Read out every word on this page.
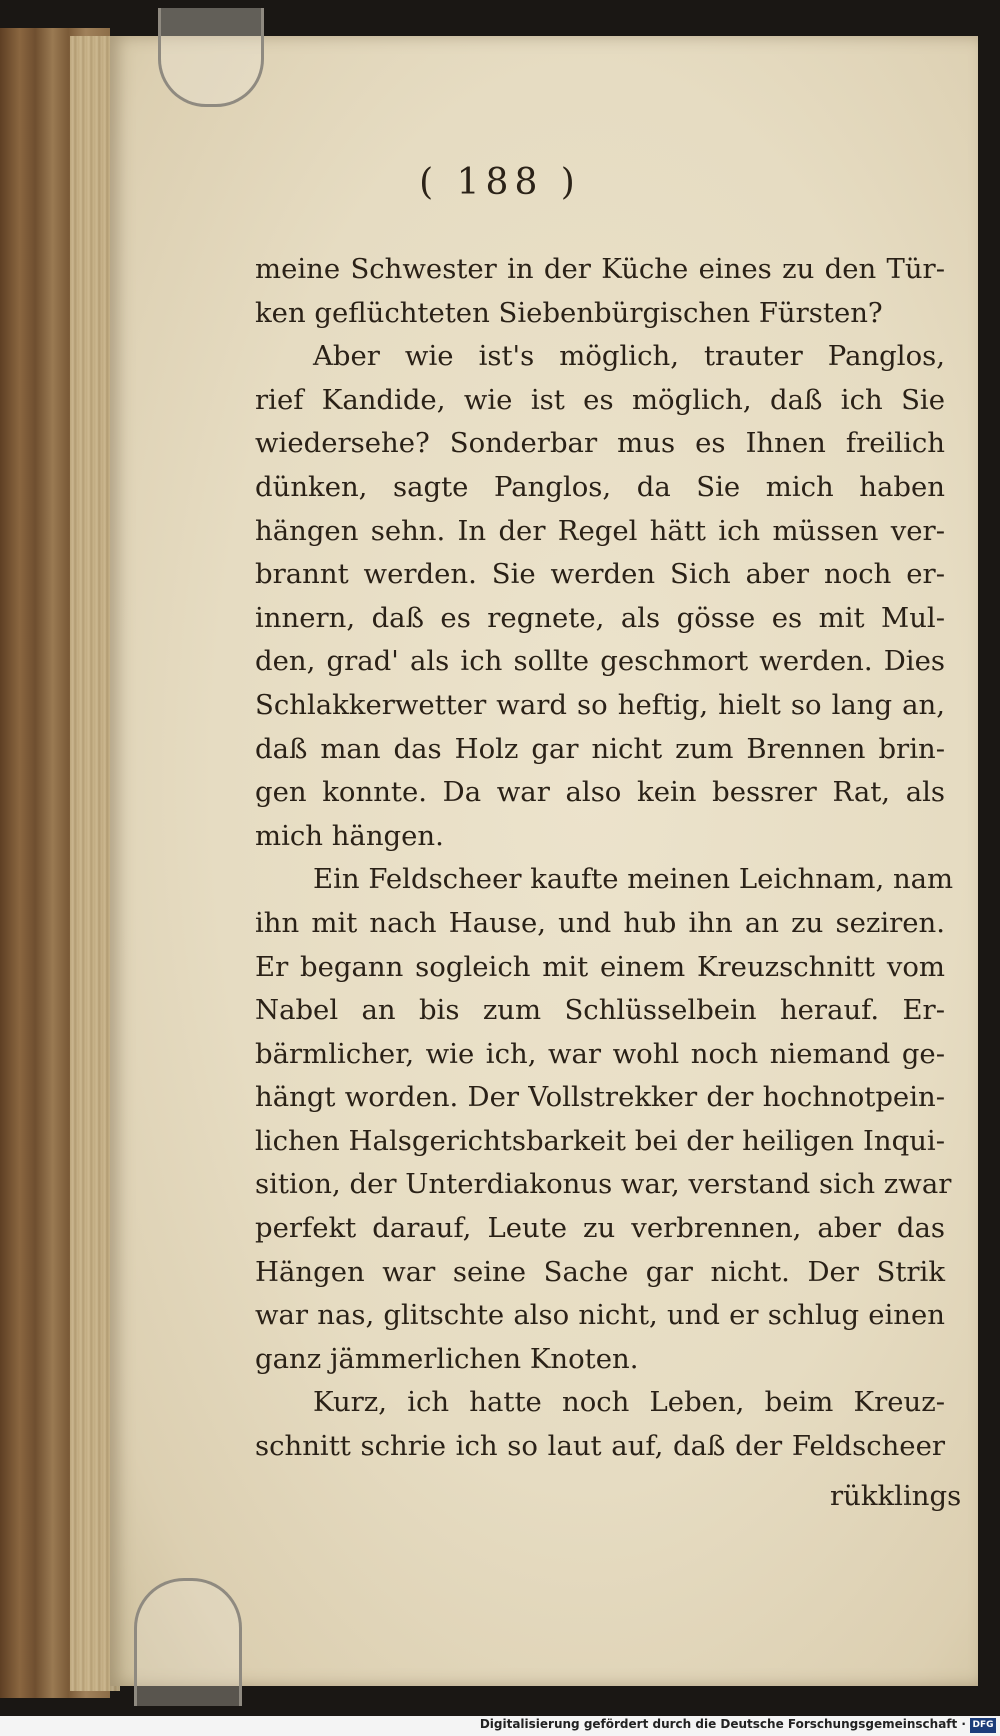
( 188 )
meine Schwester in der Küche eines zu den Tür-
ken geflüchteten Siebenbürgischen Fürsten?
Aber wie ist's möglich, trauter Panglos,
rief Kandide, wie ist es möglich, daß ich Sie
wiedersehe? Sonderbar mus es Ihnen freilich
dünken, sagte Panglos, da Sie mich haben
hängen sehn. In der Regel hätt ich müssen ver-
brannt werden. Sie werden Sich aber noch er-
innern, daß es regnete, als gösse es mit Mul-
den, grad' als ich sollte geschmort werden. Dies
Schlakkerwetter ward so heftig, hielt so lang an,
daß man das Holz gar nicht zum Brennen brin-
gen konnte. Da war also kein bessrer Rat, als
mich hängen.
Ein Feldscheer kaufte meinen Leichnam, nam
ihn mit nach Hause, und hub ihn an zu seziren.
Er begann sogleich mit einem Kreuzschnitt vom
Nabel an bis zum Schlüsselbein herauf. Er-
bärmlicher, wie ich, war wohl noch niemand ge-
hängt worden. Der Vollstrekker der hochnotpein-
lichen Halsgerichtsbarkeit bei der heiligen Inqui-
sition, der Unterdiakonus war, verstand sich zwar
perfekt darauf, Leute zu verbrennen, aber das
Hängen war seine Sache gar nicht. Der Strik
war nas, glitschte also nicht, und er schlug einen
ganz jämmerlichen Knoten.
Kurz, ich hatte noch Leben, beim Kreuz-
schnitt schrie ich so laut auf, daß der Feldscheer
rükklings
Digitalisierung gefördert durch die Deutsche Forschungsgemeinschaft · DFG
